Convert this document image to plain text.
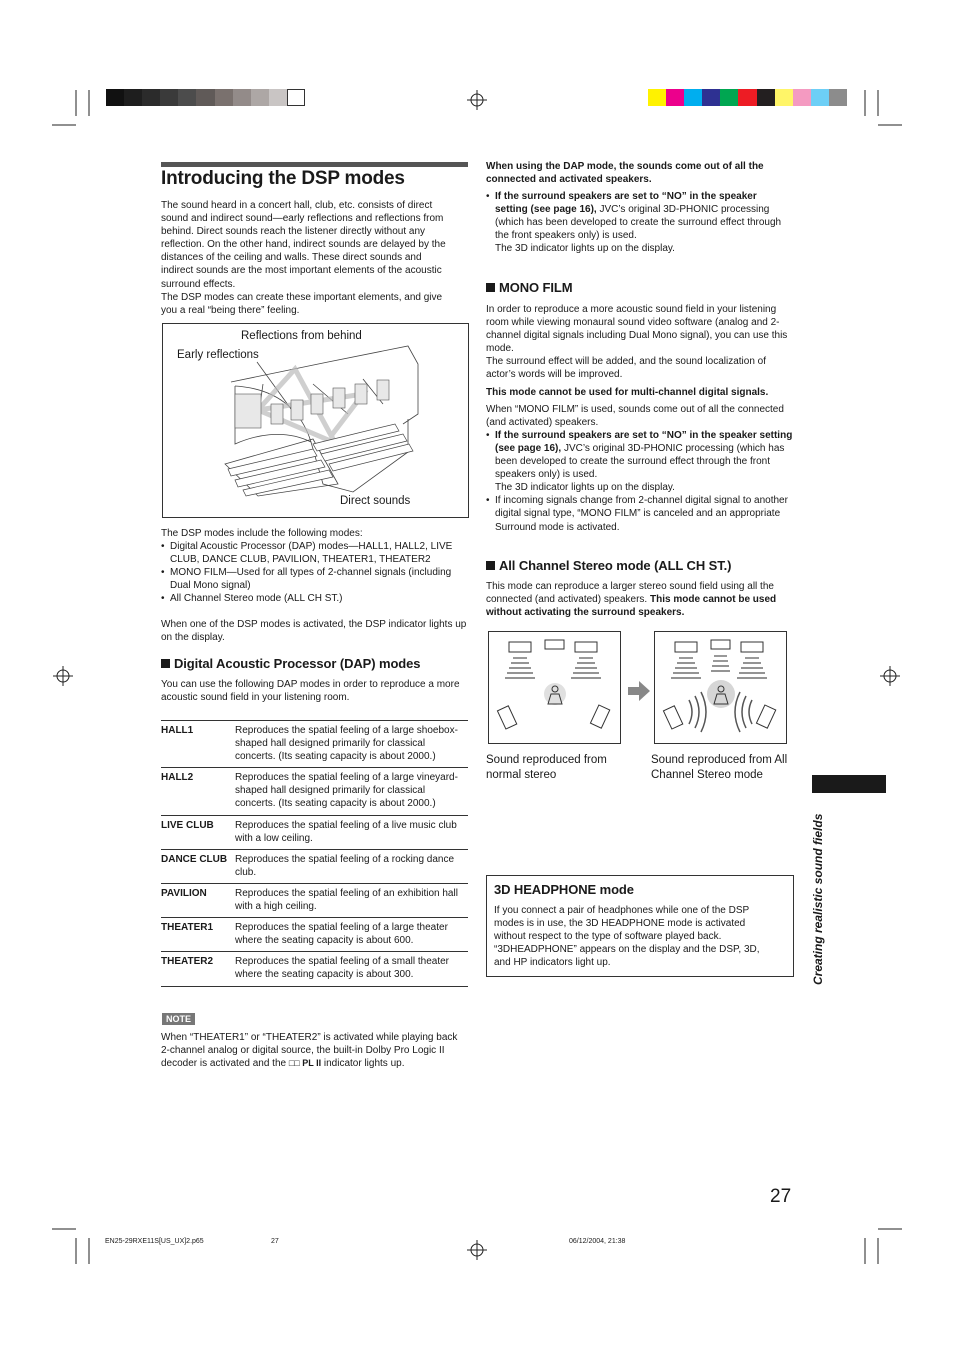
Introducing the DSP modes
The sound heard in a concert hall, club, etc. consists of direct
sound and indirect sound—early reflections and reflections from
behind. Direct sounds reach the listener directly without any
reflection. On the other hand, indirect sounds are delayed by the
distances of the ceiling and walls. These direct sounds and
indirect sounds are the most important elements of the acoustic
surround effects.
The DSP modes can create these important elements, and give
you a real “being there” feeling.
Reflections from behind
Early reflections
Direct sounds
The DSP modes include the following modes:
• Digital Acoustic Processor (DAP) modes—HALL1, HALL2, LIVE CLUB, DANCE CLUB, PAVILION, THEATER1, THEATER2
• MONO FILM—Used for all types of 2-channel signals (including Dual Mono signal)
• All Channel Stereo mode (ALL CH ST.)
When one of the DSP modes is activated, the DSP indicator lights up on the display.
Digital Acoustic Processor (DAP) modes
You can use the following DAP modes in order to reproduce a more acoustic sound field in your listening room.
HALL1	Reproduces the spatial feeling of a large shoebox-shaped hall designed primarily for classical concerts. (Its seating capacity is about 2000.)
HALL2	Reproduces the spatial feeling of a large vineyard-shaped hall designed primarily for classical concerts. (Its seating capacity is about 2000.)
LIVE CLUB	Reproduces the spatial feeling of a live music club with a low ceiling.
DANCE CLUB	Reproduces the spatial feeling of a rocking dance club.
PAVILION	Reproduces the spatial feeling of an exhibition hall with a high ceiling.
THEATER1	Reproduces the spatial feeling of a large theater where the seating capacity is about 600.
THEATER2	Reproduces the spatial feeling of a small theater where the seating capacity is about 300.
NOTE
When “THEATER1” or “THEATER2” is activated while playing back 2-channel analog or digital source, the built-in Dolby Pro Logic II decoder is activated and the □□ PL II indicator lights up.
When using the DAP mode, the sounds come out of all the connected and activated speakers.
• If the surround speakers are set to “NO” in the speaker setting (see page 16), JVC’s original 3D-PHONIC processing (which has been developed to create the surround effect through the front speakers only) is used.
The 3D indicator lights up on the display.
MONO FILM
In order to reproduce a more acoustic sound field in your listening room while viewing monaural sound video software (analog and 2-channel digital signals including Dual Mono signal), you can use this mode.
The surround effect will be added, and the sound localization of actor’s words will be improved.
This mode cannot be used for multi-channel digital signals.
When “MONO FILM” is used, sounds come out of all the connected (and activated) speakers.
• If the surround speakers are set to “NO” in the speaker setting (see page 16), JVC’s original 3D-PHONIC processing (which has been developed to create the surround effect through the front speakers only) is used.
The 3D indicator lights up on the display.
• If incoming signals change from 2-channel digital signal to another digital signal type, “MONO FILM” is canceled and an appropriate Surround mode is activated.
All Channel Stereo mode (ALL CH ST.)
This mode can reproduce a larger stereo sound field using all the connected (and activated) speakers. This mode cannot be used without activating the surround speakers.
Sound reproduced from normal stereo
Sound reproduced from All Channel Stereo mode
3D HEADPHONE mode
If you connect a pair of headphones while one of the DSP modes is in use, the 3D HEADPHONE mode is activated without respect to the type of software played back. “3DHEADPHONE” appears on the display and the DSP, 3D, and HP indicators light up.	Creating realistic sound fields
27
EN25-29RXE11S[US_UX]2.p65	27	06/12/2004, 21:38
